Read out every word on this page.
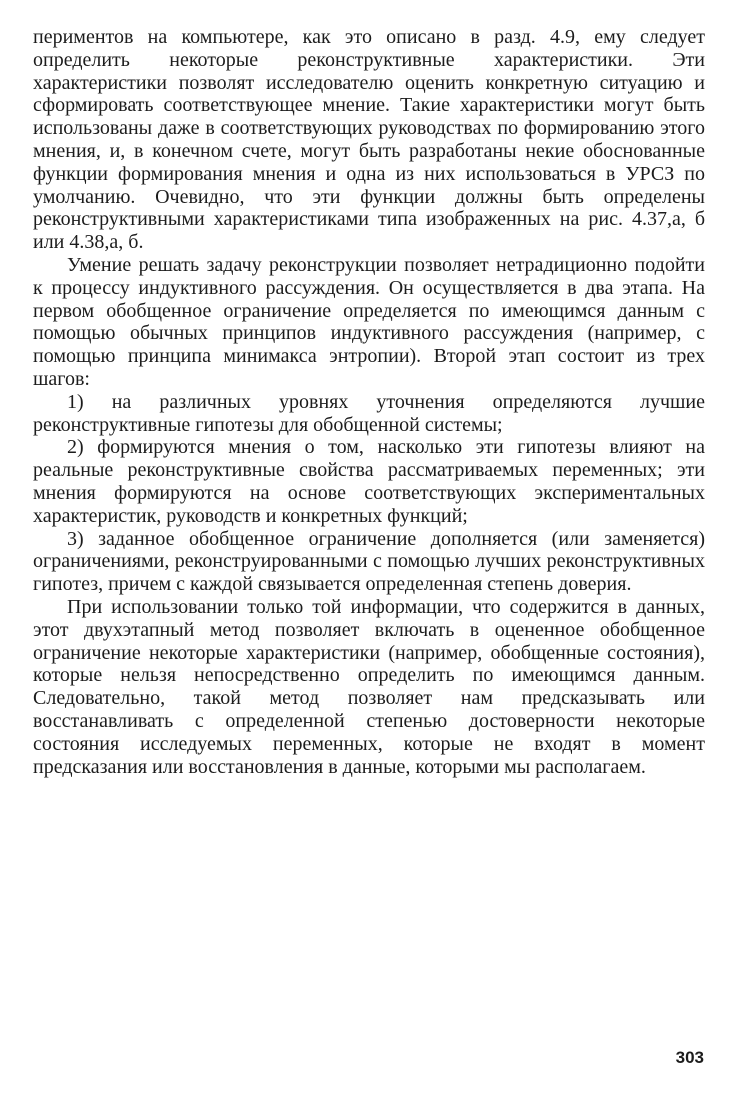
периментов на компьютере, как это описано в разд. 4.9, ему следует определить некоторые реконструктивные характеристики. Эти характеристики позволят исследователю оценить конкретную ситуацию и сформировать соответствующее мнение. Такие характеристики могут быть использованы даже в соответствующих руководствах по формированию этого мнения, и, в конечном счете, могут быть разработаны некие обоснованные функции формирования мнения и одна из них использоваться в УРСЗ по умолчанию. Очевидно, что эти функции должны быть определены реконструктивными характеристиками типа изображенных на рис. 4.37,а, б или 4.38,а, б.

Умение решать задачу реконструкции позволяет нетрадиционно подойти к процессу индуктивного рассуждения. Он осуществляется в два этапа. На первом обобщенное ограничение определяется по имеющимся данным с помощью обычных принципов индуктивного рассуждения (например, с помощью принципа минимакса энтропии). Второй этап состоит из трех шагов:

1) на различных уровнях уточнения определяются лучшие реконструктивные гипотезы для обобщенной системы;

2) формируются мнения о том, насколько эти гипотезы влияют на реальные реконструктивные свойства рассматриваемых переменных; эти мнения формируются на основе соответствующих экспериментальных характеристик, руководств и конкретных функций;

3) заданное обобщенное ограничение дополняется (или заменяется) ограничениями, реконструированными с помощью лучших реконструктивных гипотез, причем с каждой связывается определенная степень доверия.

При использовании только той информации, что содержится в данных, этот двухэтапный метод позволяет включать в оцененное обобщенное ограничение некоторые характеристики (например, обобщенные состояния), которые нельзя непосредственно определить по имеющимся данным. Следовательно, такой метод позволяет нам предсказывать или восстанавливать с определенной степенью достоверности некоторые состояния исследуемых переменных, которые не входят в момент предсказания или восстановления в данные, которыми мы располагаем.

303
